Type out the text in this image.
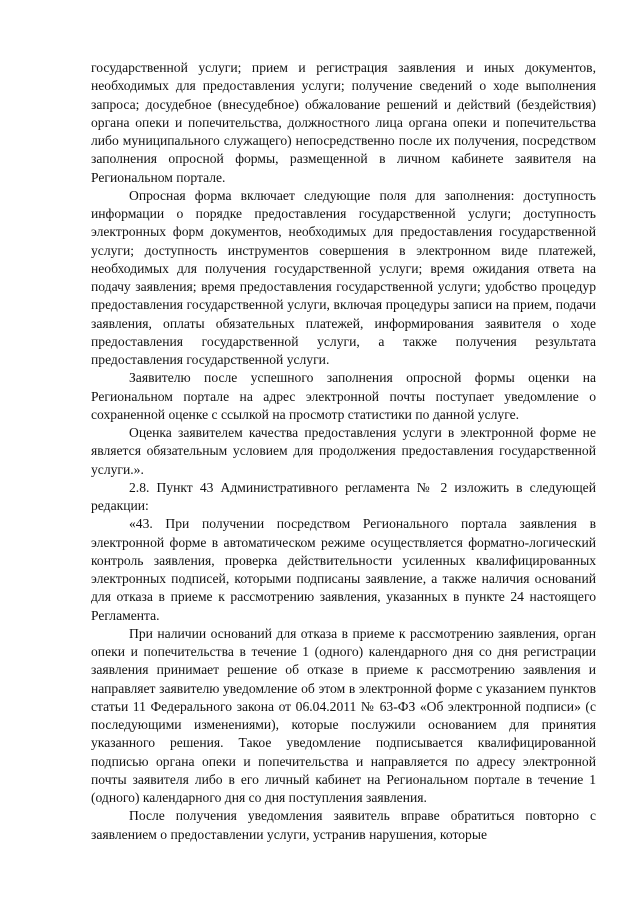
государственной услуги; прием и регистрация заявления и иных документов, необходимых для предоставления услуги; получение сведений о ходе выполнения запроса; досудебное (внесудебное) обжалование решений и действий (бездействия) органа опеки и попечительства, должностного лица органа опеки и попечительства либо муниципального служащего) непосредственно после их получения, посредством заполнения опросной формы, размещенной в личном кабинете заявителя на Региональном портале.

Опросная форма включает следующие поля для заполнения: доступность информации о порядке предоставления государственной услуги; доступность электронных форм документов, необходимых для предоставления государственной услуги; доступность инструментов совершения в электронном виде платежей, необходимых для получения государственной услуги; время ожидания ответа на подачу заявления; время предоставления государственной услуги; удобство процедур предоставления государственной услуги, включая процедуры записи на прием, подачи заявления, оплаты обязательных платежей, информирования заявителя о ходе предоставления государственной услуги, а также получения результата предоставления государственной услуги.

Заявителю после успешного заполнения опросной формы оценки на Региональном портале на адрес электронной почты поступает уведомление о сохраненной оценке с ссылкой на просмотр статистики по данной услуге.

Оценка заявителем качества предоставления услуги в электронной форме не является обязательным условием для продолжения предоставления государственной услуги.».

2.8. Пункт 43 Административного регламента № 2 изложить в следующей редакции:

«43. При получении посредством Регионального портала заявления в электронной форме в автоматическом режиме осуществляется форматно-логический контроль заявления, проверка действительности усиленных квалифицированных электронных подписей, которыми подписаны заявление, а также наличия оснований для отказа в приеме к рассмотрению заявления, указанных в пункте 24 настоящего Регламента.

При наличии оснований для отказа в приеме к рассмотрению заявления, орган опеки и попечительства в течение 1 (одного) календарного дня со дня регистрации заявления принимает решение об отказе в приеме к рассмотрению заявления и направляет заявителю уведомление об этом в электронной форме с указанием пунктов статьи 11 Федерального закона от 06.04.2011 № 63-ФЗ «Об электронной подписи» (с последующими изменениями), которые послужили основанием для принятия указанного решения. Такое уведомление подписывается квалифицированной подписью органа опеки и попечительства и направляется по адресу электронной почты заявителя либо в его личный кабинет на Региональном портале в течение 1 (одного) календарного дня со дня поступления заявления.

После получения уведомления заявитель вправе обратиться повторно с заявлением о предоставлении услуги, устранив нарушения, которые
